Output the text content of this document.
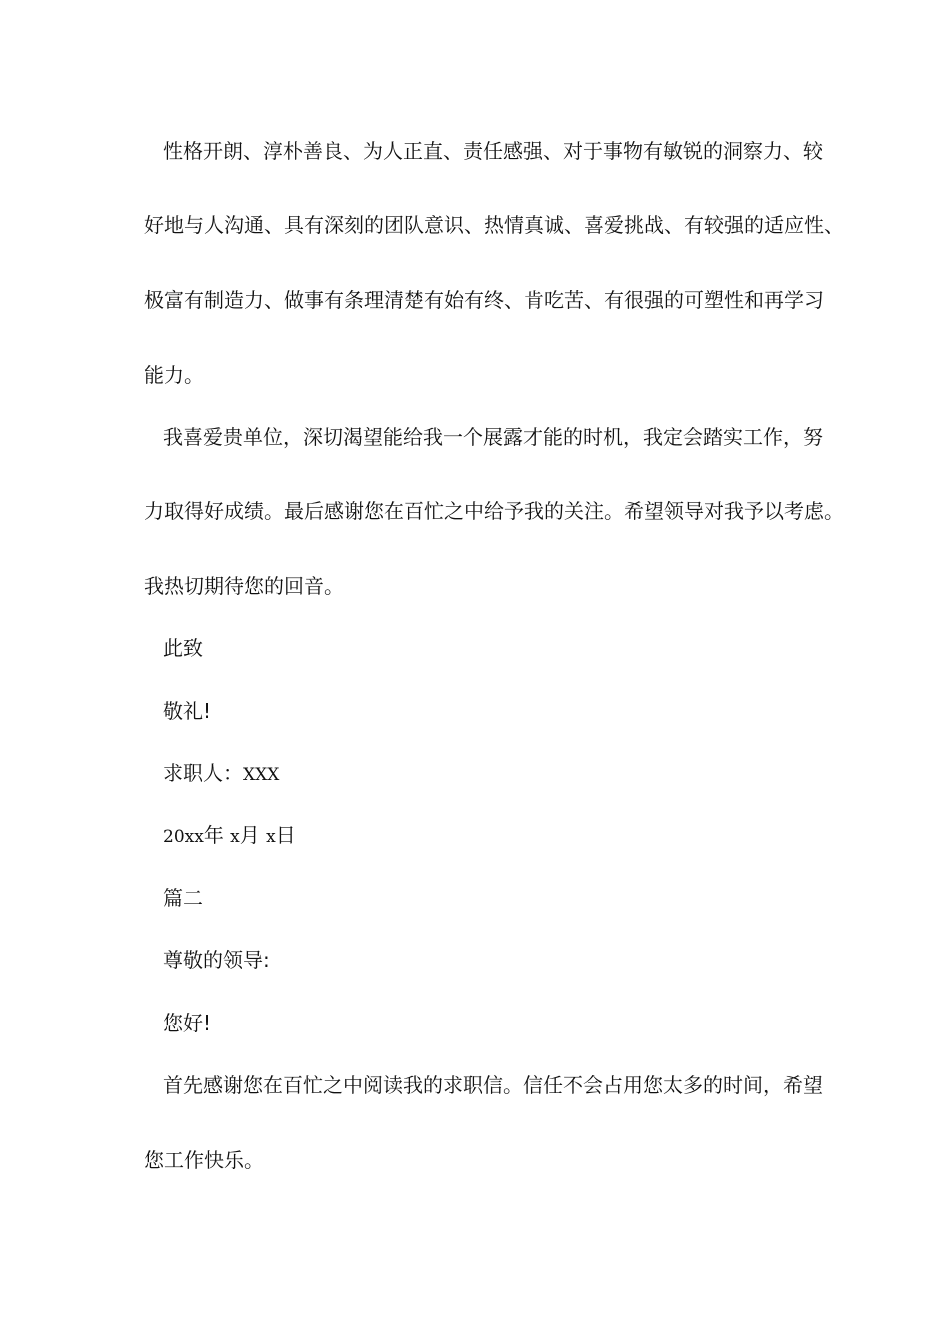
性格开朗、淳朴善良、为人正直、责任感强、对于事物有敏锐的洞察力、较

好地与人沟通、具有深刻的团队意识、热情真诚、喜爱挑战、有较强的适应性、

极富有制造力、做事有条理清楚有始有终、肯吃苦、有很强的可塑性和再学习

能力。

我喜爱贵单位，深切渴望能给我一个展露才能的时机，我定会踏实工作，努

力取得好成绩。最后感谢您在百忙之中给予我的关注。希望领导对我予以考虑。

我热切期待您的回音。

此致

敬礼!

求职人：XXX

20xx年 x月 x日

篇二

尊敬的领导:

您好!

首先感谢您在百忙之中阅读我的求职信。信任不会占用您太多的时间，希望

您工作快乐。
